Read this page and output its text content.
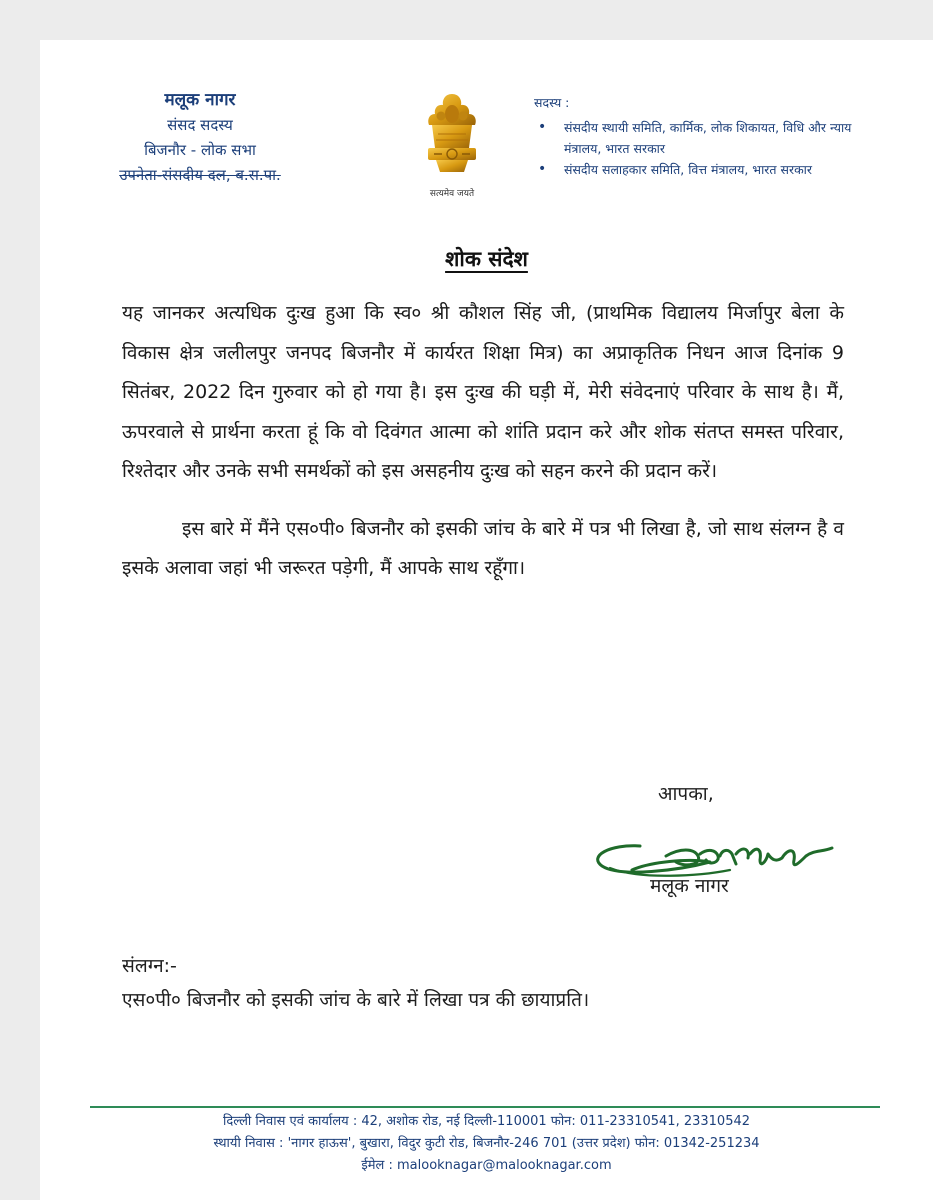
मलूक नागर
संसद सदस्य
बिजनौर - लोक सभा
उपनेता-संसदीय दल, ब.स.पा.
सत्यमेव जयते
सदस्य :
• संसदीय स्थायी समिति, कार्मिक, लोक शिकायत, विधि और न्याय मंत्रालय, भारत सरकार
• संसदीय सलाहकार समिति, वित्त मंत्रालय, भारत सरकार
शोक संदेश

यह जानकर अत्यधिक दुःख हुआ कि स्व० श्री कौशल सिंह जी, (प्राथमिक विद्यालय मिर्जापुर बेला के विकास क्षेत्र जलीलपुर जनपद बिजनौर में कार्यरत शिक्षा मित्र) का अप्राकृतिक निधन आज दिनांक 9 सितंबर, 2022 दिन गुरुवार को हो गया है। इस दुःख की घड़ी में, मेरी संवेदनाएं परिवार के साथ है। मैं, ऊपरवाले से प्रार्थना करता हूं कि वो दिवंगत आत्मा को शांति प्रदान करे और शोक संतप्त समस्त परिवार, रिश्तेदार और उनके सभी समर्थकों को इस असहनीय दुःख को सहन करने की प्रदान करें।

इस बारे में मैंने एस०पी० बिजनौर को इसकी जांच के बारे में पत्र भी लिखा है, जो साथ संलग्न है व इसके अलावा जहां भी जरूरत पड़ेगी, मैं आपके साथ रहूँगा।

आपका,
मलूक नागर
संलग्न:-
एस०पी० बिजनौर को इसकी जांच के बारे में लिखा पत्र की छायाप्रति।
दिल्ली निवास एवं कार्यालय : 42, अशोक रोड, नई दिल्ली-110001 फोन: 011-23310541, 23310542
स्थायी निवास : 'नागर हाऊस', बुखारा, विदुर कुटी रोड, बिजनौर-246 701 (उत्तर प्रदेश) फोन: 01342-251234
ईमेल : malooknagar@malooknagar.com
